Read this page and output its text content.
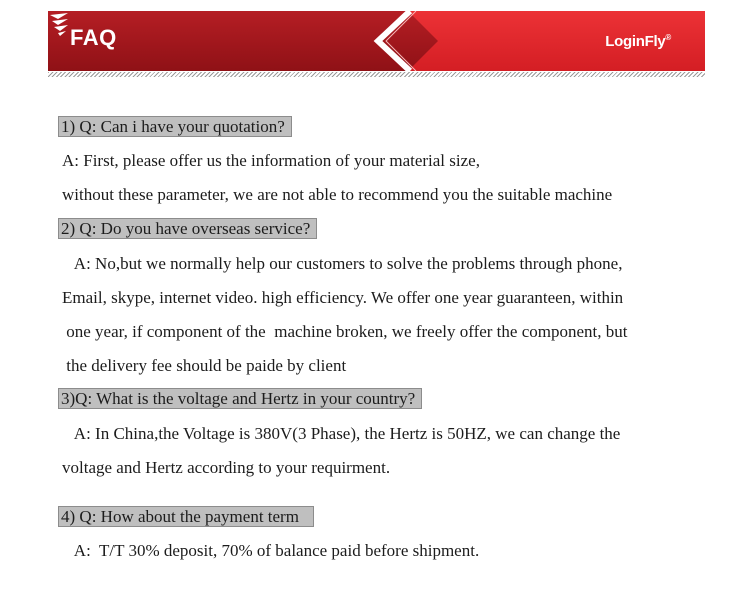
FAQ	LoginFly®
1) Q: Can i have your quotation?
A: First, please offer us the information of your material size,
without these parameter, we are not able to recommend you the suitable machine
2) Q: Do you have overseas service?
A: No,but we normally help our customers to solve the problems through phone,
Email, skype, internet video. high efficiency. We offer one year guaranteen, within
one year, if component of the  machine broken, we freely offer the component, but
the delivery fee should be paide by client
3)Q: What is the voltage and Hertz in your country?
A: In China,the Voltage is 380V(3 Phase), the Hertz is 50HZ, we can change the
voltage and Hertz according to your requirment.
4) Q: How about the payment term
A:  T/T 30% deposit, 70% of balance paid before shipment.
